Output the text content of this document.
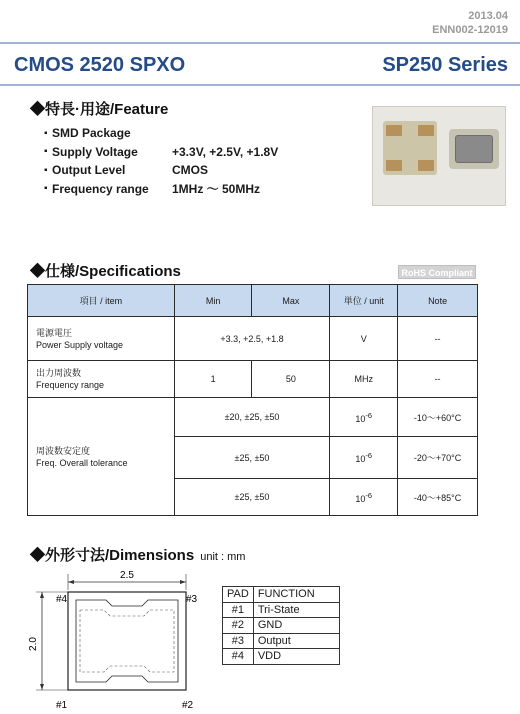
2013.04
ENN002-12019
CMOS 2520 SPXO	SP250 Series
◆特長·用途/Feature
▪ SMD Package
▪ Supply Voltage	+3.3V, +2.5V, +1.8V
▪ Output Level	CMOS
▪ Frequency range	1MHz ～ 50MHz
◆仕様/Specifications	RoHS Compliant
項目 / item	Min	Max	単位 / unit	Note

電源電圧
Power Supply voltage	+3.3, +2.5, +1.8		V	--

出力周波数
Frequency range	1	50	MHz	--

周波数安定度
Freq. Overall tolerance	±20, ±25, ±50		$10^{-6}$	-10～+60°C
	±25, ±50		$10^{-6}$	-20～+70°C
	±25, ±50		$10^{-6}$	-40～+85°C
◆外形寸法/Dimensions unit : mm
2.5
2.0
#4	#3
#1	#2
PAD	FUNCTION
#1	Tri-State
#2	GND
#3	Output
#4	VDD
